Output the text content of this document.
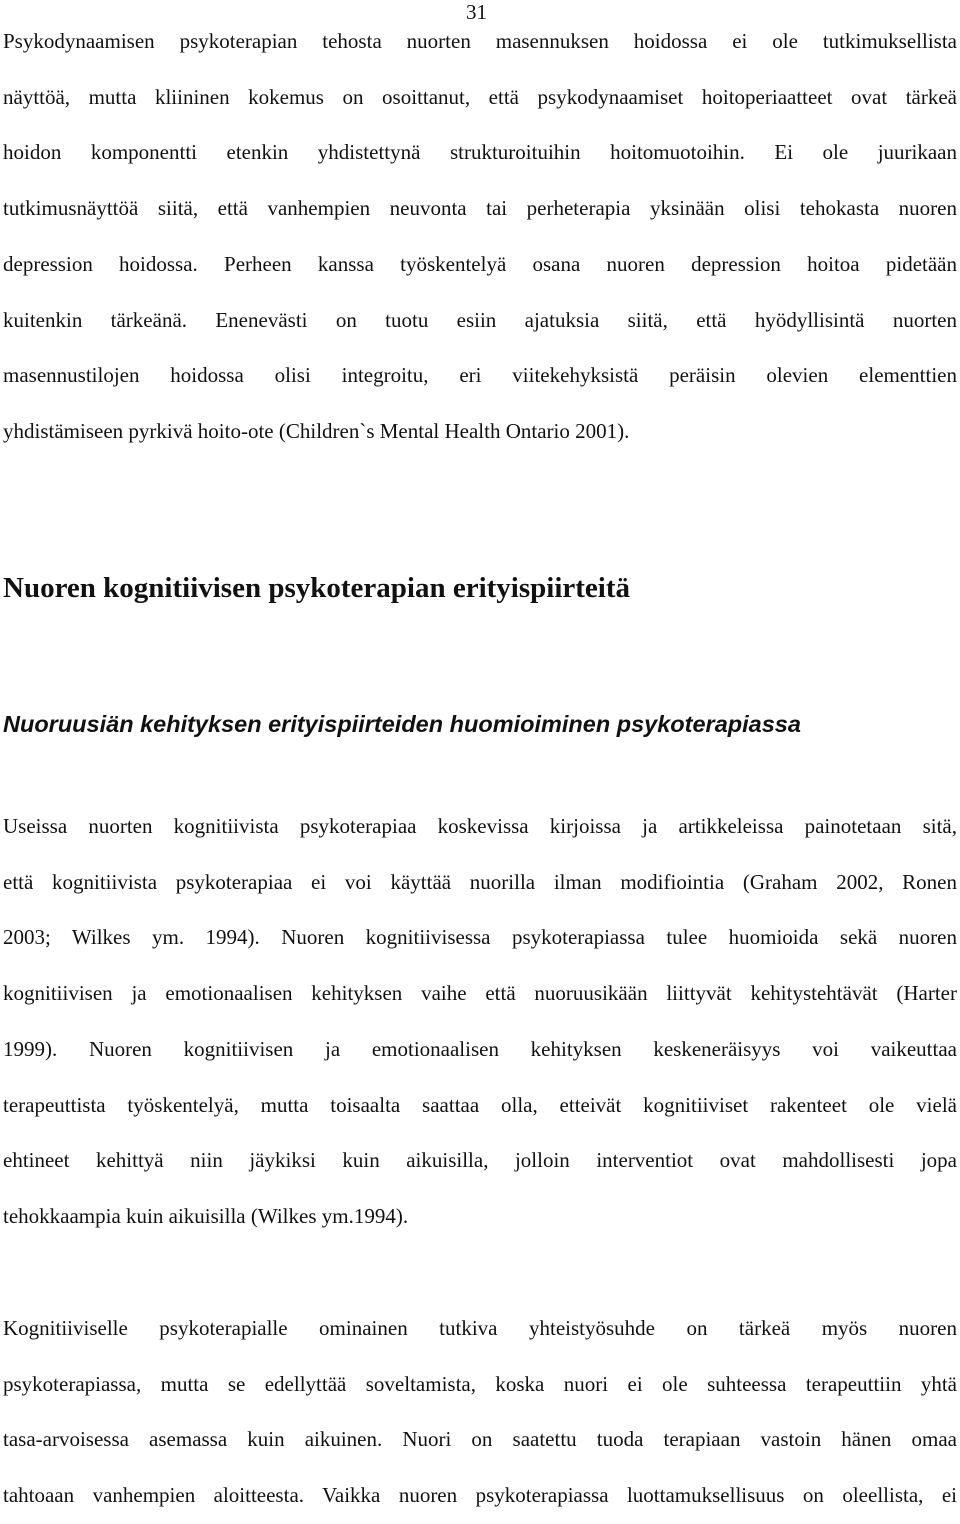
31
Psykodynaamisen psykoterapian tehosta nuorten masennuksen hoidossa ei ole tutkimuksellista
näyttöä, mutta kliininen kokemus on osoittanut, että psykodynaamiset hoitoperiaatteet ovat tärkeä
hoidon komponentti etenkin yhdistettynä strukturoituihin hoitomuotoihin. Ei ole juurikaan
tutkimusnäyttöä siitä, että vanhempien neuvonta tai perheterapia yksinään olisi tehokasta nuoren
depression hoidossa. Perheen kanssa työskentelyä osana nuoren depression hoitoa pidetään
kuitenkin tärkeänä. Enenevästi on tuotu esiin ajatuksia siitä, että hyödyllisintä nuorten
masennustilojen hoidossa olisi integroitu, eri viitekehyksistä peräisin olevien elementtien
yhdistämiseen pyrkivä hoito-ote (Children`s Mental Health Ontario 2001).
Nuoren kognitiivisen psykoterapian erityispiirteitä
Nuoruusiän kehityksen erityispiirteiden huomioiminen psykoterapiassa
Useissa nuorten kognitiivista psykoterapiaa koskevissa kirjoissa ja artikkeleissa painotetaan sitä,
että kognitiivista psykoterapiaa ei voi käyttää nuorilla ilman modifiointia (Graham 2002, Ronen
2003; Wilkes ym. 1994). Nuoren kognitiivisessa psykoterapiassa tulee huomioida sekä nuoren
kognitiivisen ja emotionaalisen kehityksen vaihe että nuoruusikään liittyvät kehitystehtävät (Harter
1999). Nuoren kognitiivisen ja emotionaalisen kehityksen keskeneräisyys voi vaikeuttaa
terapeuttista työskentelyä, mutta toisaalta saattaa olla, etteivät kognitiiviset rakenteet ole vielä
ehtineet kehittyä niin jäykiksi kuin aikuisilla, jolloin interventiot ovat mahdollisesti jopa
tehokkaampia kuin aikuisilla (Wilkes ym.1994).
Kognitiiviselle psykoterapialle ominainen tutkiva yhteistyösuhde on tärkeä myös nuoren
psykoterapiassa, mutta se edellyttää soveltamista, koska nuori ei ole suhteessa terapeuttiin yhtä
tasa-arvoisessa asemassa kuin aikuinen. Nuori on saatettu tuoda terapiaan vastoin hänen omaa
tahtoaan vanhempien aloitteesta. Vaikka nuoren psykoterapiassa luottamuksellisuus on oleellista, ei
